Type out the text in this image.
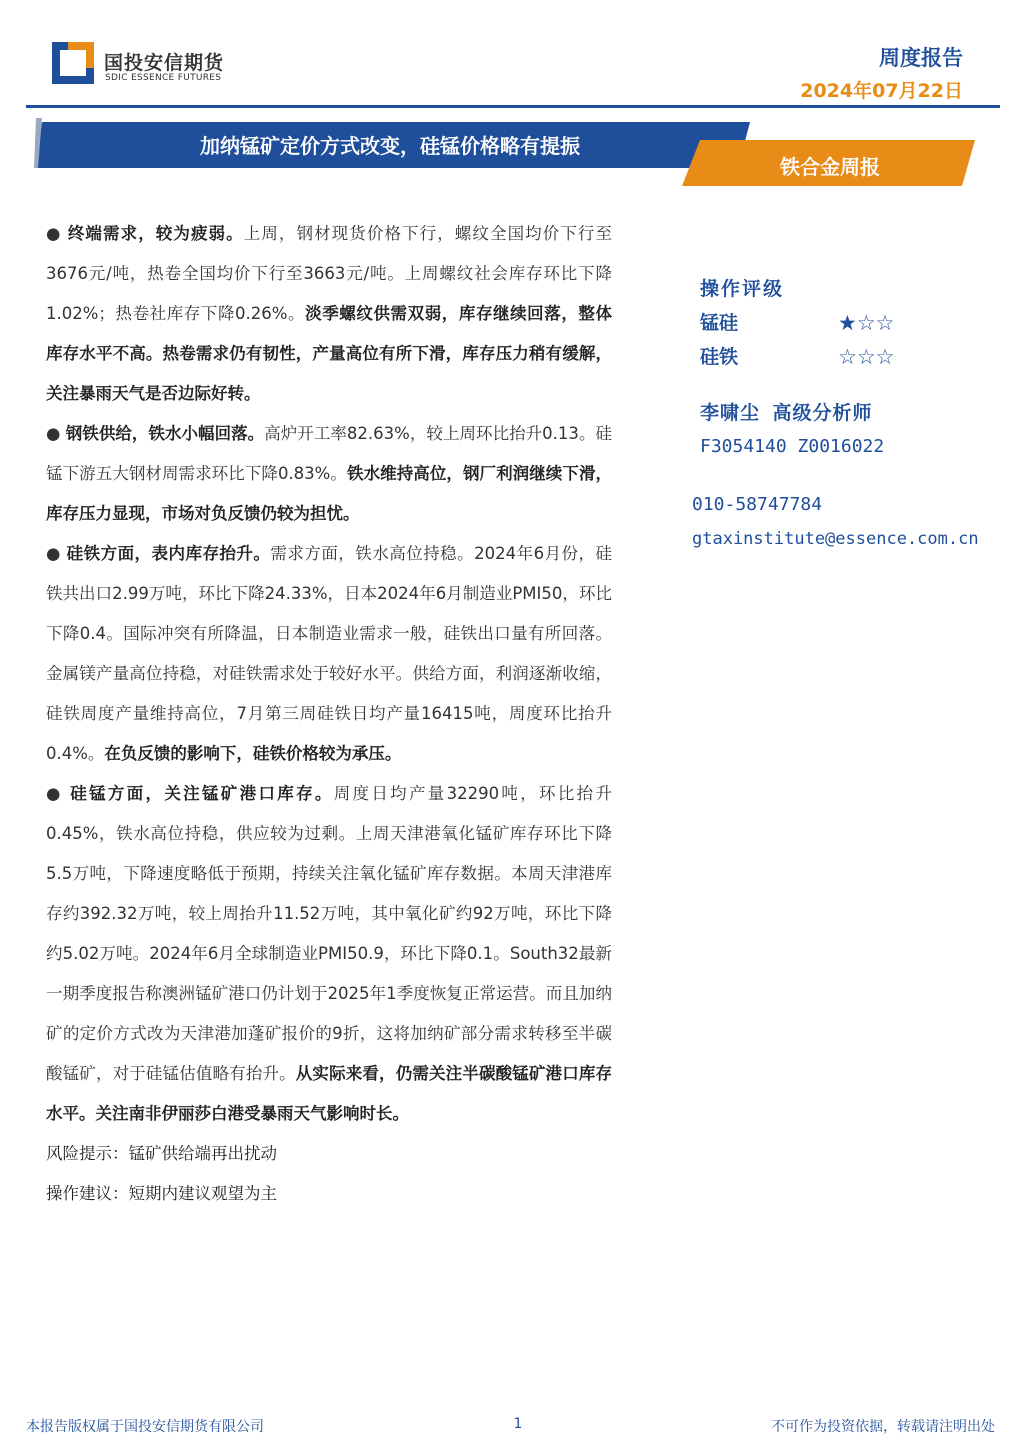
国投安信期货
SDIC ESSENCE FUTURES
周度报告
2024年07月22日
加纳锰矿定价方式改变，硅锰价格略有提振
铁合金周报

● 终端需求，较为疲弱。上周，钢材现货价格下行，螺纹全国均价下行至3676元/吨，热卷全国均价下行至3663元/吨。上周螺纹社会库存环比下降1.02%；热卷社库存下降0.26%。淡季螺纹供需双弱，库存继续回落，整体库存水平不高。热卷需求仍有韧性，产量高位有所下滑，库存压力稍有缓解，关注暴雨天气是否边际好转。

● 钢铁供给，铁水小幅回落。高炉开工率82.63%，较上周环比抬升0.13。硅锰下游五大钢材周需求环比下降0.83%。铁水维持高位，钢厂利润继续下滑，库存压力显现，市场对负反馈仍较为担忧。

● 硅铁方面，表内库存抬升。需求方面，铁水高位持稳。2024年6月份，硅铁共出口2.99万吨，环比下降24.33%，日本2024年6月制造业PMI50，环比下降0.4。国际冲突有所降温，日本制造业需求一般，硅铁出口量有所回落。金属镁产量高位持稳，对硅铁需求处于较好水平。供给方面，利润逐渐收缩，硅铁周度产量维持高位，7月第三周硅铁日均产量16415吨，周度环比抬升0.4%。在负反馈的影响下，硅铁价格较为承压。

● 硅锰方面，关注锰矿港口库存。周度日均产量32290吨，环比抬升0.45%，铁水高位持稳，供应较为过剩。上周天津港氧化锰矿库存环比下降5.5万吨，下降速度略低于预期，持续关注氧化锰矿库存数据。本周天津港库存约392.32万吨，较上周抬升11.52万吨，其中氧化矿约92万吨，环比下降约5.02万吨。2024年6月全球制造业PMI50.9，环比下降0.1。South32最新一期季度报告称澳洲锰矿港口仍计划于2025年1季度恢复正常运营。而且加纳矿的定价方式改为天津港加蓬矿报价的9折，这将加纳矿部分需求转移至半碳酸锰矿，对于硅锰估值略有抬升。从实际来看，仍需关注半碳酸锰矿港口库存水平。关注南非伊丽莎白港受暴雨天气影响时长。

风险提示：锰矿供给端再出扰动
操作建议：短期内建议观望为主
操作评级
锰硅	★☆☆
硅铁	☆☆☆
李啸尘 高级分析师
F3054140 Z0016022
010-58747784
gtaxinstitute@essence.com.cn
本报告版权属于国投安信期货有限公司	1	不可作为投资依据，转载请注明出处
